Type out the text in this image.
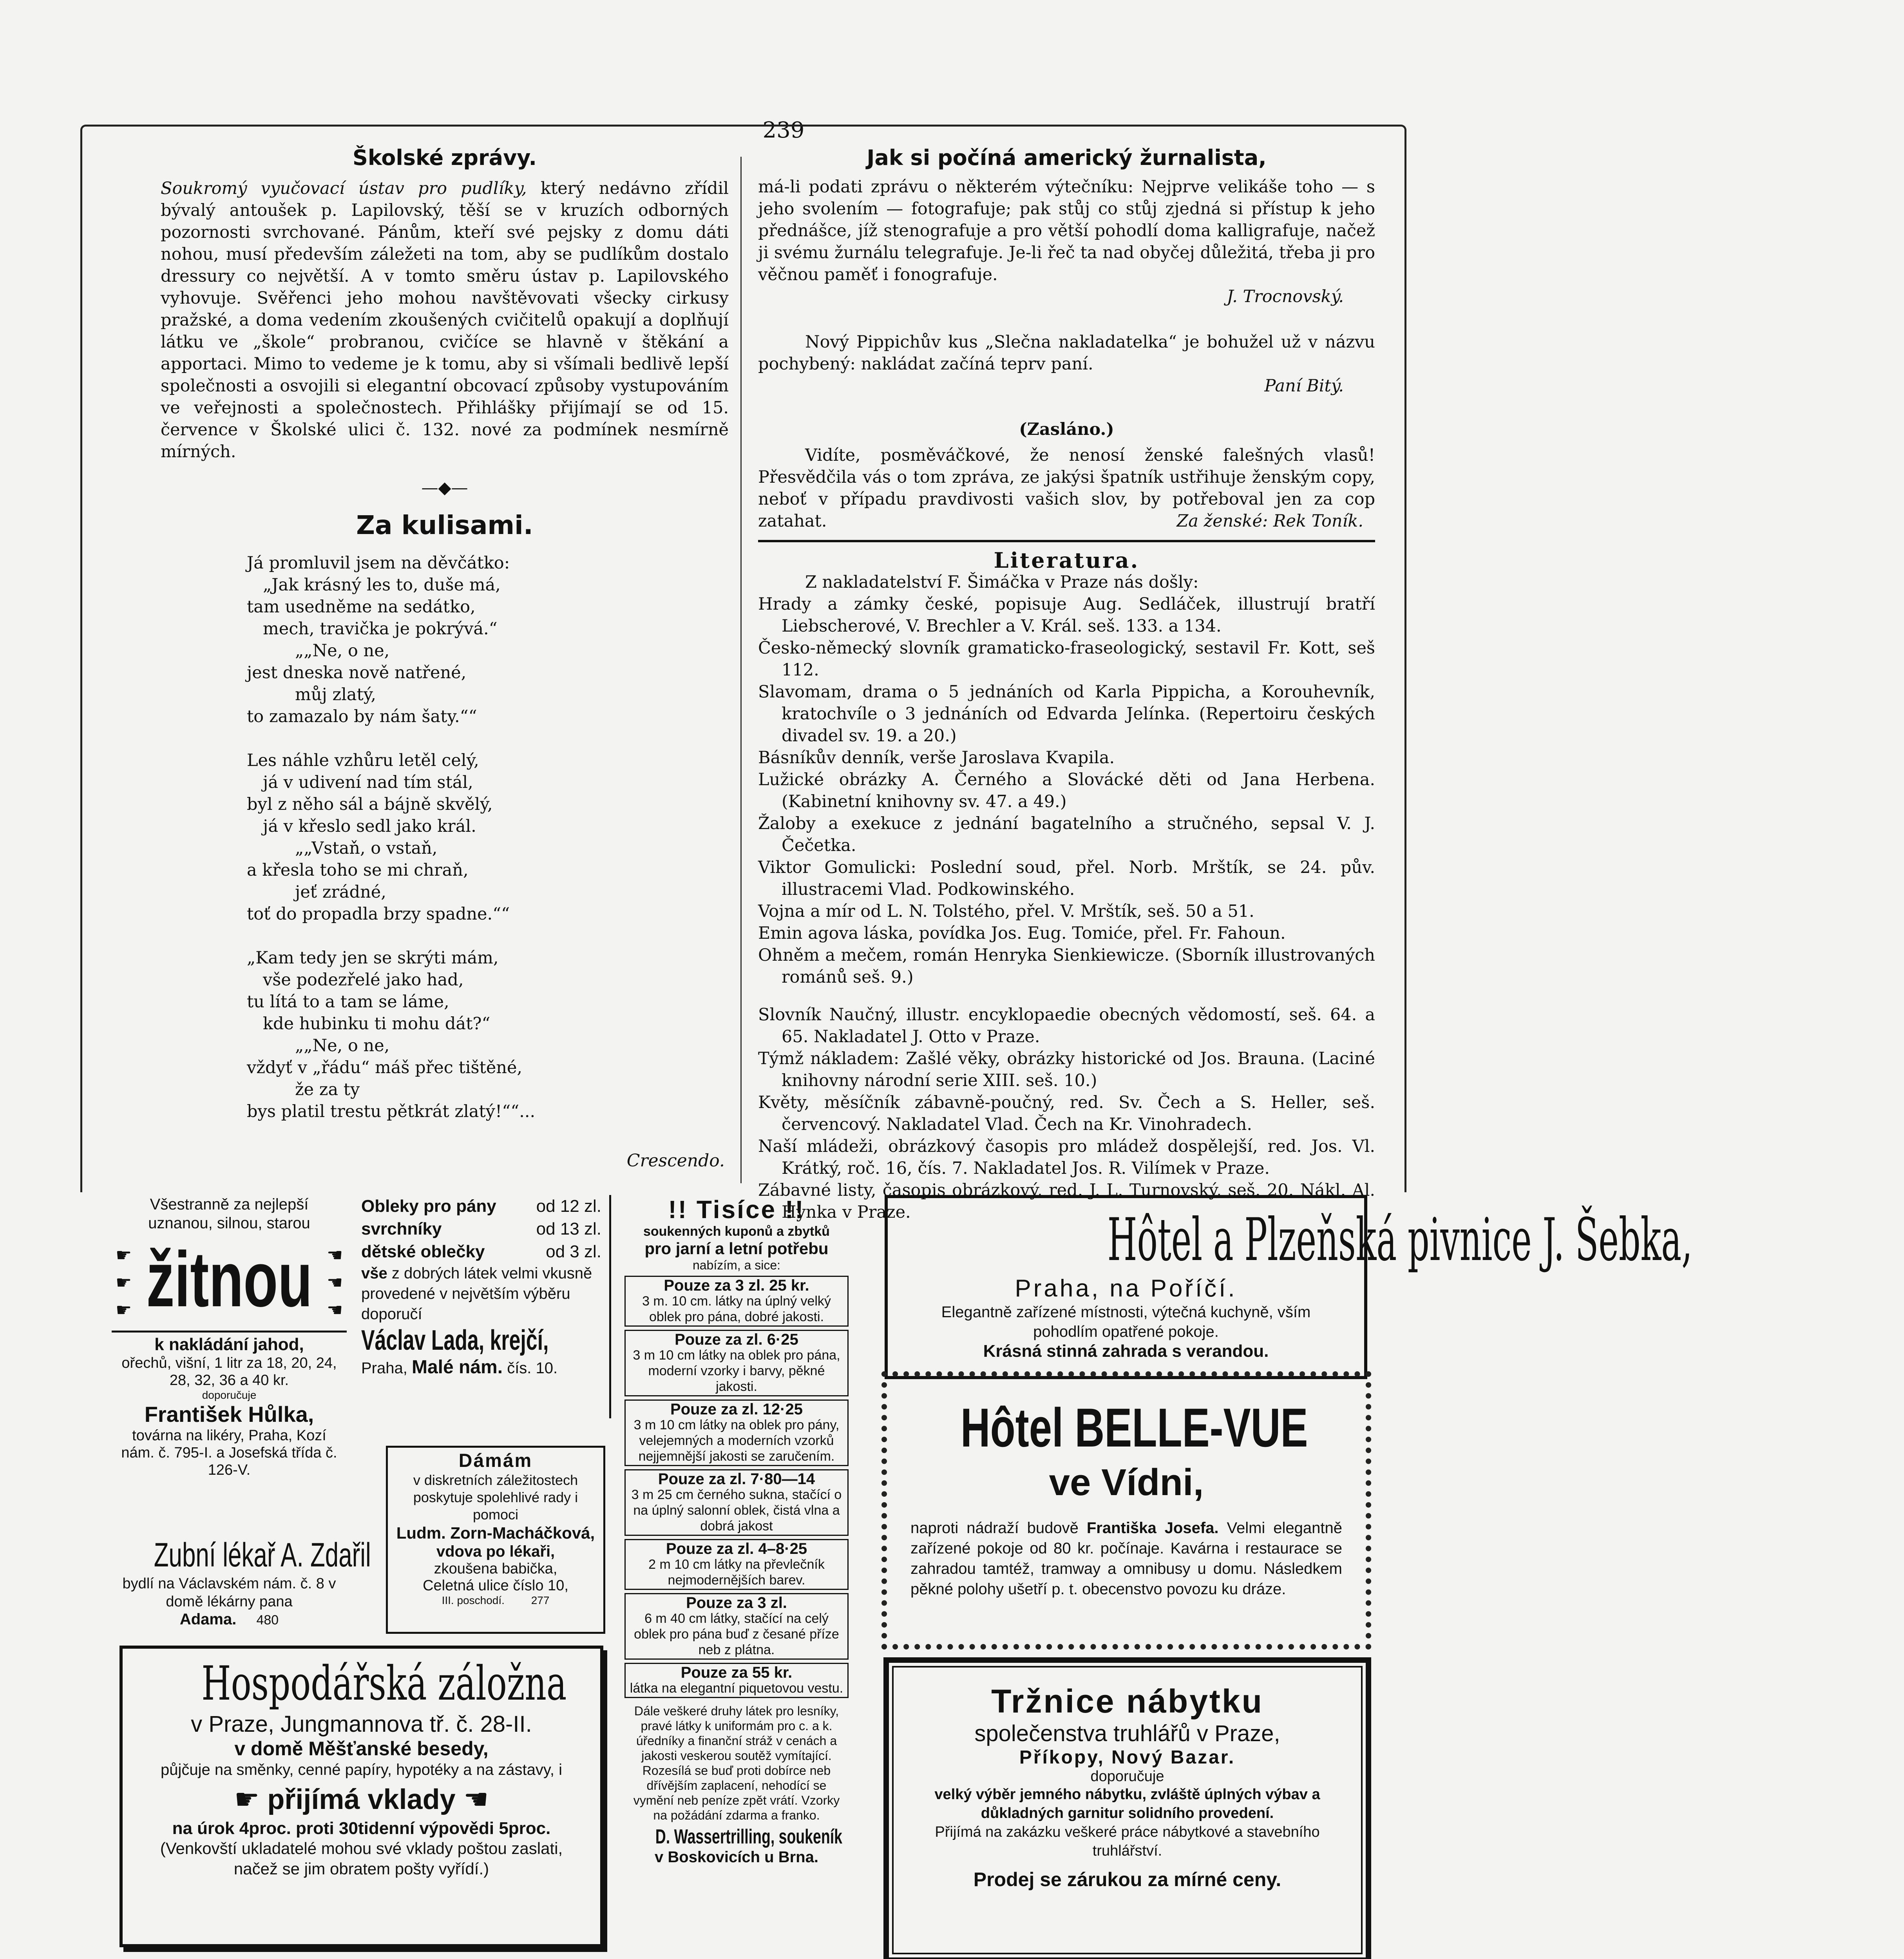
239
Školské zprávy.

Soukromý vyučovací ústav pro pudlíky, který nedávno zřídil bývalý antoušek p. Lapilovský, těší se v kruzích odborných pozornosti svrchované. Pánům, kteří své pejsky z domu dáti nohou, musí především záležeti na tom, aby se pudlíkům dostalo dressury co největší. A v tomto směru ústav p. Lapilovského vyhovuje. Svěřenci jeho mohou navštěvovati všecky cirkusy pražské, a doma vedením zkoušených cvičitelů opakují a doplňují látku ve „škole“ probranou, cvičíce se hlavně v štěkání a apportaci. Mimo to vedeme je k tomu, aby si všímali bedlivě lepší společnosti a osvojili si elegantní obcovací způsoby vystupováním ve veřejnosti a společnostech. Přihlášky přijímají se od 15. července v Školské ulici č. 132. nové za podmínek nesmírně mírných.

—◆—
Za kulisami.
Já promluvil jsem na děvčátko:
„Jak krásný les to, duše má,
tam usedněme na sedátko,
mech, travička je pokrývá.“
„„Ne, o ne,
jest dneska nově natřené,
můj zlatý,
to zamazalo by nám šaty.““

Les náhle vzhůru letěl celý,
já v udivení nad tím stál,
byl z něho sál a bájně skvělý,
já v křeslo sedl jako král.
„„Vstaň, o vstaň,
a křesla toho se mi chraň,
jeť zrádné,
toť do propadla brzy spadne.““

„Kam tedy jen se skrýti mám,
vše podezřelé jako had,
tu lítá to a tam se láme,
kde hubinku ti mohu dát?“
„„Ne, o ne,
vždyť v „řádu“ máš přec tištěné,
že za ty
bys platil trestu pětkrát zlatý!““...
Crescendo.
Jak si počíná americký žurnalista,

má-li podati zprávu o některém výtečníku: Nejprve velikáše toho — s jeho svolením — fotografuje; pak stůj co stůj zjedná si přístup k jeho přednášce, jíž stenografuje a pro větší pohodlí doma kalligrafuje, načež ji svému žurnálu telegrafuje. Je-li řeč ta nad obyčej důležitá, třeba ji pro věčnou paměť i fonografuje.

J. Trocnovský.

Nový Pippichův kus „Slečna nakladatelka“ je bohužel už v názvu pochybený: nakládat začíná teprv paní.

Paní Bitý.
(Zasláno.)

Vidíte, posměváčkové, že nenosí ženské falešných vlasů! Přesvědčila vás o tom zpráva, ze jakýsi špatník ustřihuje ženským copy, neboť v případu pravdivosti vašich slov, by potřeboval jen za cop zatahat.	Za ženské: Rek Toník.
Literatura.
Z nakladatelství F. Šimáčka v Praze nás došly:

Hrady a zámky české, popisuje Aug. Sedláček, illustrují bratří Liebscherové, V. Brechler a V. Král. seš. 133. a 134.

Česko-německý slovník gramaticko-fraseologický, sestavil Fr. Kott, seš 112.

Slavomam, drama o 5 jednáních od Karla Pippicha, a Korouhevník, kratochvíle o 3 jednáních od Edvarda Jelínka. (Repertoiru českých divadel sv. 19. a 20.)

Básníkův denník, verše Jaroslava Kvapila.

Lužické obrázky A. Černého a Slovácké děti od Jana Herbena. (Kabinetní knihovny sv. 47. a 49.)

Žaloby a exekuce z jednání bagatelního a stručného, sepsal V. J. Čečetka.

Viktor Gomulicki: Poslední soud, přel. Norb. Mrštík, se 24. pův. illustracemi Vlad. Podkowinského.

Vojna a mír od L. N. Tolstého, přel. V. Mrštík, seš. 50 a 51.

Emin agova láska, povídka Jos. Eug. Tomiće, přel. Fr. Fahoun.

Ohněm a mečem, román Henryka Sienkiewicze. (Sborník illustrovaných románů seš. 9.)

Slovník Naučný, illustr. encyklopaedie obecných vědomostí, seš. 64. a 65. Nakladatel J. Otto v Praze.

Týmž nákladem: Zašlé věky, obrázky historické od Jos. Brauna. (Laciné knihovny národní serie XIII. seš. 10.)

Květy, měsíčník zábavně-poučný, red. Sv. Čech a S. Heller, seš. červencový. Nakladatel Vlad. Čech na Kr. Vinohradech.

Naší mládeži, obrázkový časopis pro mládež dospělejší, red. Jos. Vl. Krátký, roč. 16, čís. 7. Nakladatel Jos. R. Vilímek v Praze.

Zábavné listy, časopis obrázkový, red. J. L. Turnovský, seš. 20. Nákl. Al. Hynka v Praze.

Všestranně za nejlepší uznanou, silnou, starou
☛
☛
☛
☛
☛
☛
žitnou
k nakládání jahod,
ořechů, višní, 1 litr za 18, 20, 24, 28, 32, 36 a 40 kr.
doporučuje
František Hůlka,
továrna na likéry, Praha, Kozí nám. č. 795-I. a Josefská třída č. 126-V.
Zubní lékař A. Zdařil
bydlí na Václavském nám. č. 8 v domě lékárny pana
Adama. 480
Obleky pro pány od 12 zl.
svrchníky	od 13 zl.
dětské oblečky	od 3 zl.
vše z dobrých látek velmi vkusně provedené v největším výběru doporučí
Václav Lada, krejčí,
Praha, Malé nám. čís. 10.
Dámám
v diskretních záležitostech poskytuje spolehlivé rady i pomoci
Ludm. Zorn-Macháčková,
vdova po lékaři,
zkoušena babička,
Celetná ulice číslo 10,
III. poschodí. 277
!! Tisíce !!
soukenných kuponů a zbytků
pro jarní a letní potřebu
nabízím, a sice:
Pouze za 3 zl. 25 kr.
3 m. 10 cm. látky na úplný velký oblek pro pána, dobré jakosti.
Pouze za zl. 6·25
3 m 10 cm látky na oblek pro pána, moderní vzorky i barvy, pěkné jakosti.
Pouze za zl. 12·25
3 m 10 cm látky na oblek pro pány, velejemných a moderních vzorků nejjemnější jakosti se zaručením.
Pouze za zl. 7·80—14
3 m 25 cm černého sukna, stačící o na úplný salonní oblek, čistá vlna a dobrá jakost
Pouze za zl. 4–8·25
2 m 10 cm látky na převlečník nejmodernějších barev.
Pouze za 3 zl.
6 m 40 cm látky, stačící na celý oblek pro pána buď z česané příze neb z plátna.
Pouze za 55 kr.
látka na elegantní piquetovou vestu.
Dále veškeré druhy látek pro lesníky, pravé látky k uniformám pro c. a k. úředníky a finanční stráž v cenách a jakosti veskerou soutěž vymítající. Rozesílá se buď proti dobírce neb dřívějším zaplacení, nehodící se vymění neb peníze zpět vrátí. Vzorky na požádání zdarma a franko.
D. Wassertrilling, soukeník
v Boskovicích u Brna.
Hospodářská záložna
v Praze, Jungmannova tř. č. 28-II.
v domě Měšťanské besedy,
půjčuje na směnky, cenné papíry, hypotéky a na zástavy, i
☛ přijímá vklady ☛
na úrok 4proc. proti 30tidenní výpovědi 5proc.
(Venkovští ukladatelé mohou své vklady poštou zaslati, načež se jim obratem pošty vyřídí.)
Hôtel a Plzeňská pivnice J. Šebka,
Praha, na Poříčí.
Elegantně zařízené místnosti, výtečná kuchyně, vším pohodlím opatřené pokoje.
Krásná stinná zahrada s verandou.
Hôtel BELLE-VUE
ve Vídni,
naproti nádraží budově Františka Josefa. Velmi elegantně zařízené pokoje od 80 kr. počínaje. Kavárna i restaurace se zahradou tamtéž, tramway a omnibusy u domu. Následkem pěkné polohy ušetří p. t. obecenstvo povozu ku drázе.
Tržnice nábytku
společenstva truhlářů v Praze,
Příkopy, Nový Bazar.
doporučuje
velký výběr jemného nábytku, zvláště úplných výbav a důkladných garnitur solidního provedení.
Přijímá na zakázku veškeré práce nábytkové a stavebního truhlářství.
Prodej se zárukou za mírné ceny.
